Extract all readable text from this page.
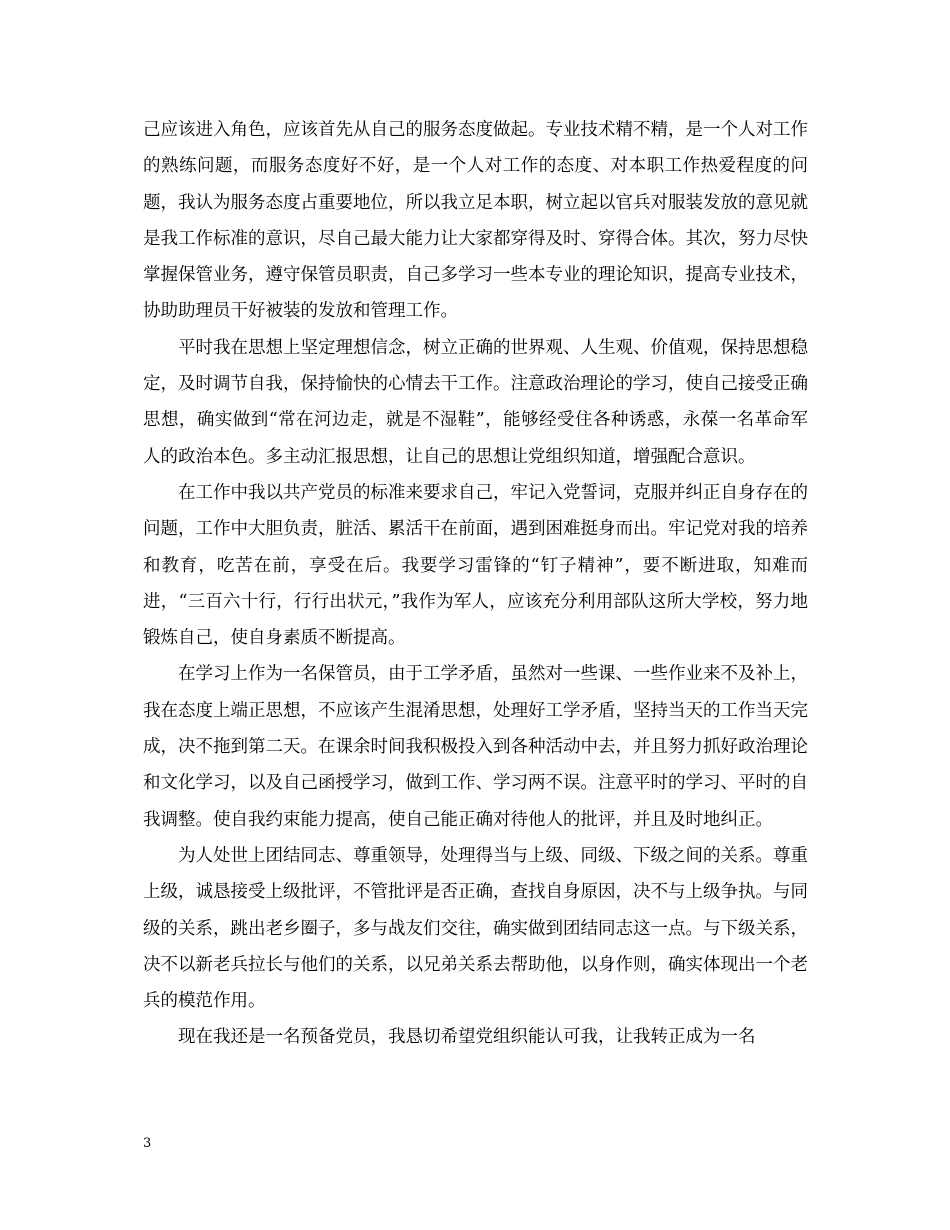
己应该进入角色，应该首先从自己的服务态度做起。专业技术精不精，是一个人对工作的熟练问题，而服务态度好不好，是一个人对工作的态度、对本职工作热爱程度的问题，我认为服务态度占重要地位，所以我立足本职，树立起以官兵对服装发放的意见就是我工作标准的意识，尽自己最大能力让大家都穿得及时、穿得合体。其次，努力尽快掌握保管业务，遵守保管员职责，自己多学习一些本专业的理论知识，提高专业技术，协助助理员干好被装的发放和管理工作。

平时我在思想上坚定理想信念，树立正确的世界观、人生观、价值观，保持思想稳定，及时调节自我，保持愉快的心情去干工作。注意政治理论的学习，使自己接受正确思想，确实做到“常在河边走，就是不湿鞋”，能够经受住各种诱惑，永葆一名革命军人的政治本色。多主动汇报思想，让自己的思想让党组织知道，增强配合意识。

在工作中我以共产党员的标准来要求自己，牢记入党誓词，克服并纠正自身存在的问题，工作中大胆负责，脏活、累活干在前面，遇到困难挺身而出。牢记党对我的培养和教育，吃苦在前，享受在后。我要学习雷锋的“钉子精神”，要不断进取，知难而进，“三百六十行，行行出状元，”我作为军人，应该充分利用部队这所大学校，努力地锻炼自己，使自身素质不断提高。

在学习上作为一名保管员，由于工学矛盾，虽然对一些课、一些作业来不及补上，我在态度上端正思想，不应该产生混淆思想，处理好工学矛盾，坚持当天的工作当天完成，决不拖到第二天。在课余时间我积极投入到各种活动中去，并且努力抓好政治理论和文化学习，以及自己函授学习，做到工作、学习两不误。注意平时的学习、平时的自我调整。使自我约束能力提高，使自己能正确对待他人的批评，并且及时地纠正。

为人处世上团结同志、尊重领导，处理得当与上级、同级、下级之间的关系。尊重上级，诚恳接受上级批评，不管批评是否正确，查找自身原因，决不与上级争执。与同级的关系，跳出老乡圈子，多与战友们交往，确实做到团结同志这一点。与下级关系，决不以新老兵拉长与他们的关系，以兄弟关系去帮助他，以身作则，确实体现出一个老兵的模范作用。

现在我还是一名预备党员，我恳切希望党组织能认可我，让我转正成为一名

3
